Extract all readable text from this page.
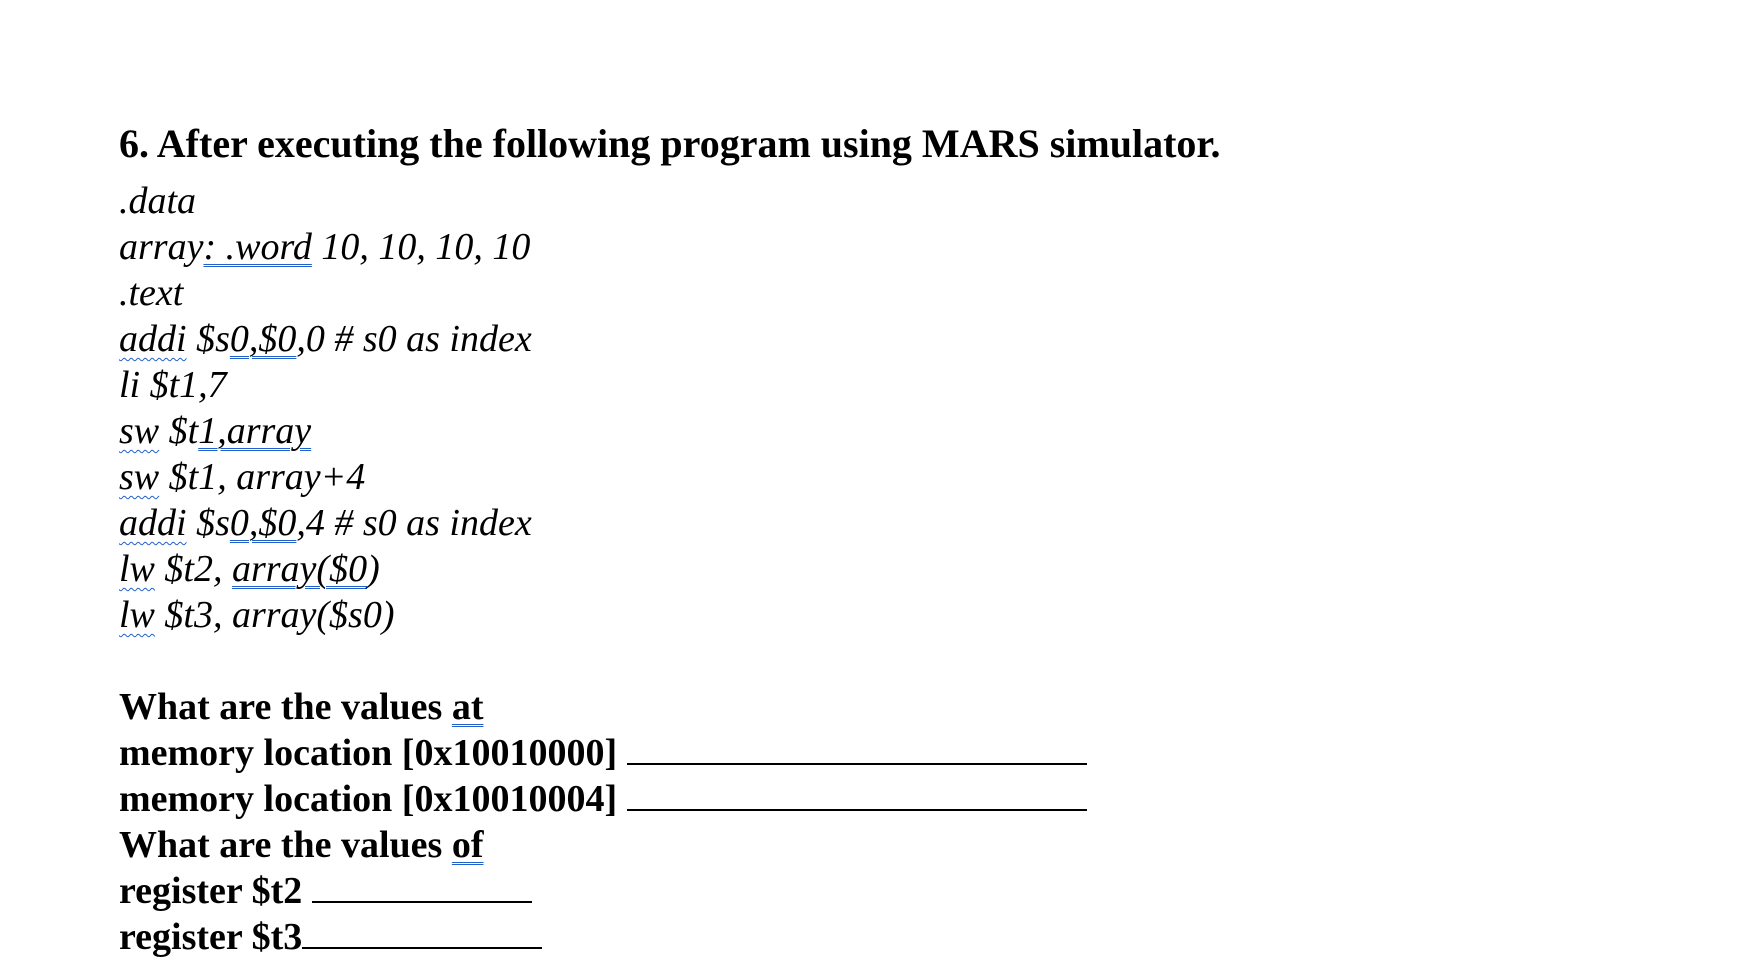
6. After executing the following program using MARS simulator.
.data
array: .word 10, 10, 10, 10
.text
addi $s0,$0,0 # s0 as index
li $t1,7
sw $t1,array
sw $t1, array+4
addi $s0,$0,4 # s0 as index
lw $t2, array($0)
lw $t3, array($s0)
What are the values at
memory location [0x10010000]
memory location [0x10010004]
What are the values of
register $t2
register $t3
